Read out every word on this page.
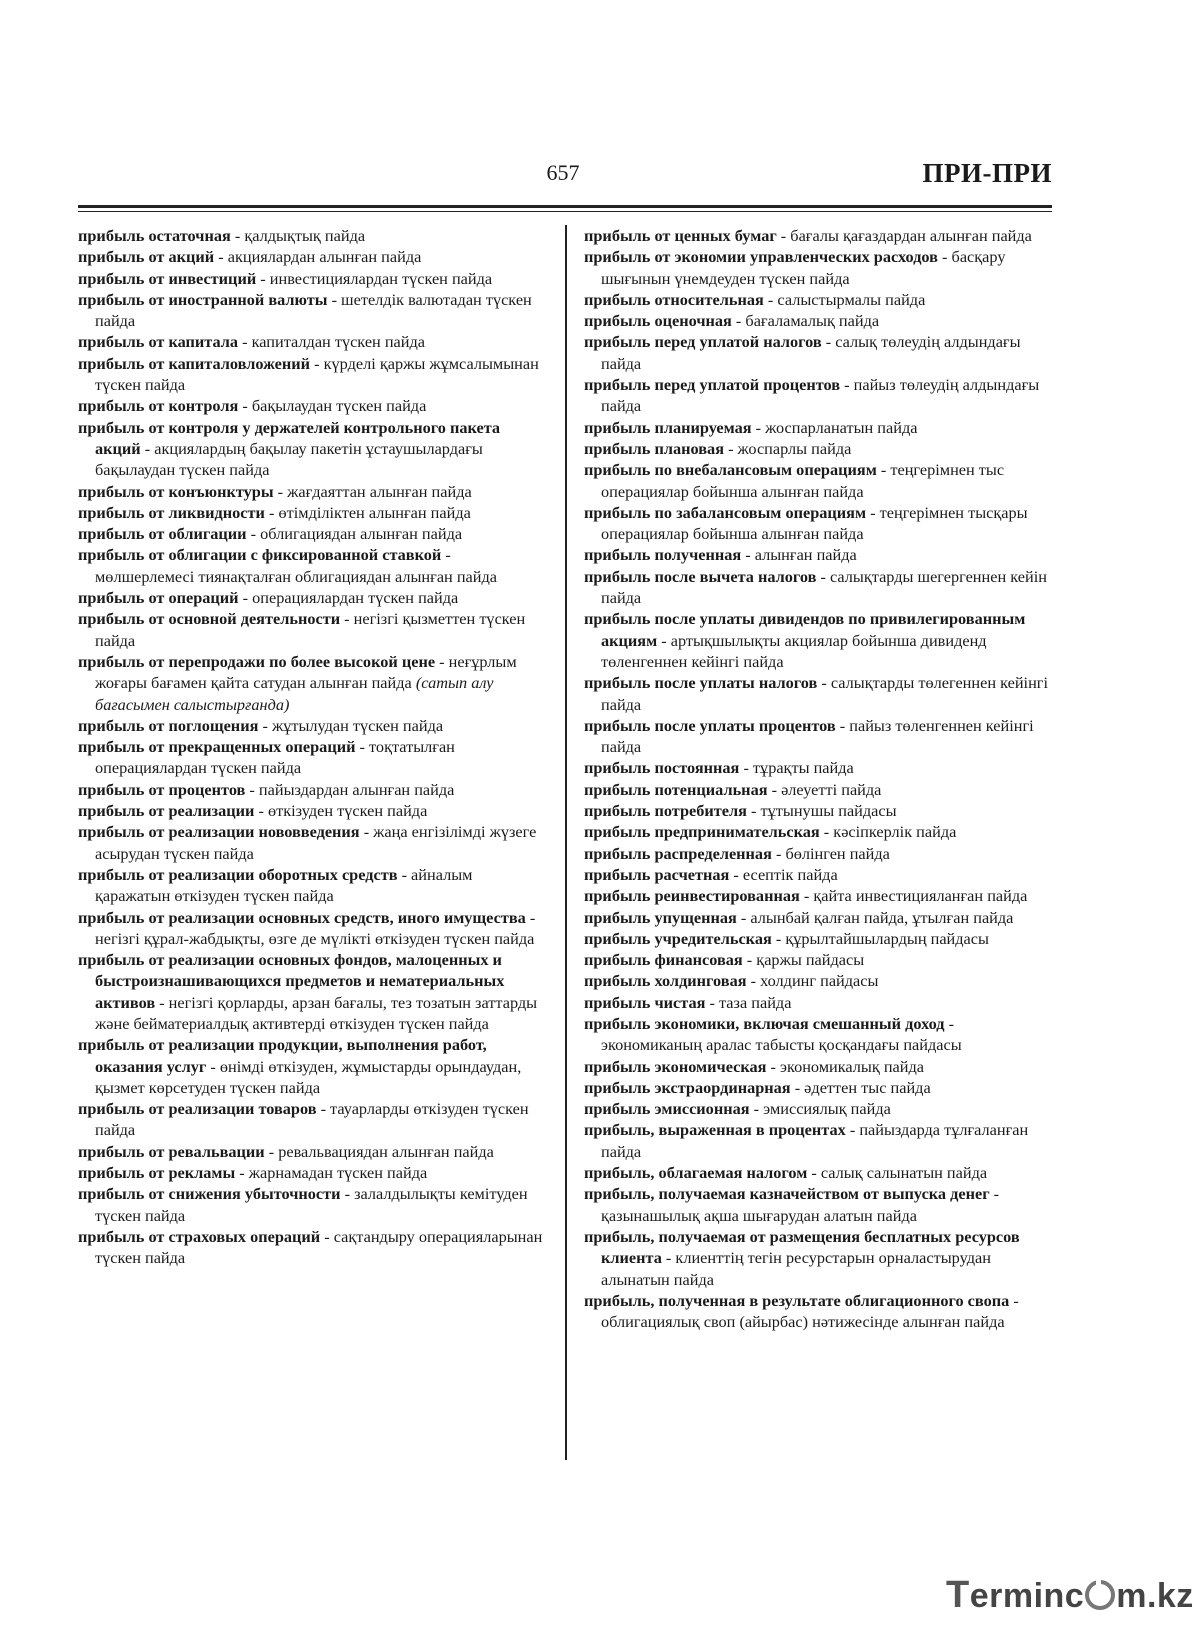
657	ПРИ-ПРИ
прибыль остаточная - қалдықтық пайда
прибыль от акций - акциялардан алынған пайда
прибыль от инвестиций - инвестициялардан түскен пайда
прибыль от иностранной валюты - шетелдік валютадан түскен пайда
прибыль от капитала - капиталдан түскен пайда
прибыль от капиталовложений - күрделі қаржы жұмсалымынан түскен пайда
прибыль от контроля - бақылаудан түскен пайда
прибыль от контроля у держателей контрольного пакета акций - акциялардың бақылау пакетін ұстаушылардағы бақылаудан түскен пайда
прибыль от конъюнктуры - жағдаяттан алынған пайда
прибыль от ликвидности - өтімділіктен алынған пайда
прибыль от облигации - облигациядан алынған пайда
прибыль от облигации с фиксированной ставкой - мөлшерлемесі тиянақталған облигациядан алынған пайда
прибыль от операций - операциялардан түскен пайда
прибыль от основной деятельности - негізгі қызметтен түскен пайда
прибыль от перепродажи по более высокой цене - неғұрлым жоғары бағамен қайта сатудан алынған пайда (сатып алу бағасымен салыстырғанда)
прибыль от поглощения - жұтылудан түскен пайда
прибыль от прекращенных операций - тоқтатылған операциялардан түскен пайда
прибыль от процентов - пайыздардан алынған пайда
прибыль от реализации - өткізуден түскен пайда
прибыль от реализации нововведения - жаңа енгізілімді жүзеге асырудан түскен пайда
прибыль от реализации оборотных средств - айналым қаражатын өткізуден түскен пайда
прибыль от реализации основных средств, иного имущества - негізгі құрал-жабдықты, өзге де мүлікті өткізуден түскен пайда
прибыль от реализации основных фондов, малоценных и быстроизнашивающихся предметов и нематериальных активов - негізгі қорларды, арзан бағалы, тез тозатын заттарды және бейматериалдық активтерді өткізуден түскен пайда
прибыль от реализации продукции, выполнения работ, оказания услуг - өнімді өткізуден, жұмыстарды орындаудан, қызмет көрсетуден түскен пайда
прибыль от реализации товаров - тауарларды өткізуден түскен пайда
прибыль от ревальвации - ревальвациядан алынған пайда
прибыль от рекламы - жарнамадан түскен пайда
прибыль от снижения убыточности - залалдылықты кемітуден түскен пайда
прибыль от страховых операций - сақтандыру операцияларынан түскен пайда
прибыль от ценных бумаг - бағалы қағаздардан алынған пайда
прибыль от экономии управленческих расходов - басқару шығынын үнемдеуден түскен пайда
прибыль относительная - салыстырмалы пайда
прибыль оценочная - бағаламалық пайда
прибыль перед уплатой налогов - салық төлеудің алдындағы пайда
прибыль перед уплатой процентов - пайыз төлеудің алдындағы пайда
прибыль планируемая - жоспарланатын пайда
прибыль плановая - жоспарлы пайда
прибыль по внебалансовым операциям - теңгерімнен тыс операциялар бойынша алынған пайда
прибыль по забалансовым операциям - теңгерімнен тысқары операциялар бойынша алынған пайда
прибыль полученная - алынған пайда
прибыль после вычета налогов - салықтарды шегергеннен кейін пайда
прибыль после уплаты дивидендов по привилегированным акциям - артықшылықты акциялар бойынша дивиденд төленгеннен кейінгі пайда
прибыль после уплаты налогов - салықтарды төлегеннен кейінгі пайда
прибыль после уплаты процентов - пайыз төленгеннен кейінгі пайда
прибыль постоянная - тұрақты пайда
прибыль потенциальная - әлеуетті пайда
прибыль потребителя - тұтынушы пайдасы
прибыль предпринимательская - кәсіпкерлік пайда
прибыль распределенная - бөлінген пайда
прибыль расчетная - есептік пайда
прибыль реинвестированная - қайта инвестицияланған пайда
прибыль упущенная - алынбай қалған пайда, ұтылған пайда
прибыль учредительская - құрылтайшылардың пайдасы
прибыль финансовая - қаржы пайдасы
прибыль холдинговая - холдинг пайдасы
прибыль чистая - таза пайда
прибыль экономики, включая смешанный доход - экономиканың аралас табысты қосқандағы пайдасы
прибыль экономическая - экономикалық пайда
прибыль экстраординарная - әдеттен тыс пайда
прибыль эмиссионная - эмиссиялық пайда
прибыль, выраженная в процентах - пайыздарда тұлғаланған пайда
прибыль, облагаемая налогом - салық салынатын пайда
прибыль, получаемая казначейством от выпуска денег - қазынашылық ақша шығарудан алатын пайда
прибыль, получаемая от размещения бесплатных ресурсов клиента - клиенттің тегін ресурстарын орналастырудан алынатын пайда
прибыль, полученная в результате облигационного свопа - облигациялық своп (айырбас) нәтижесінде алынған пайда
Terminc m.kz
